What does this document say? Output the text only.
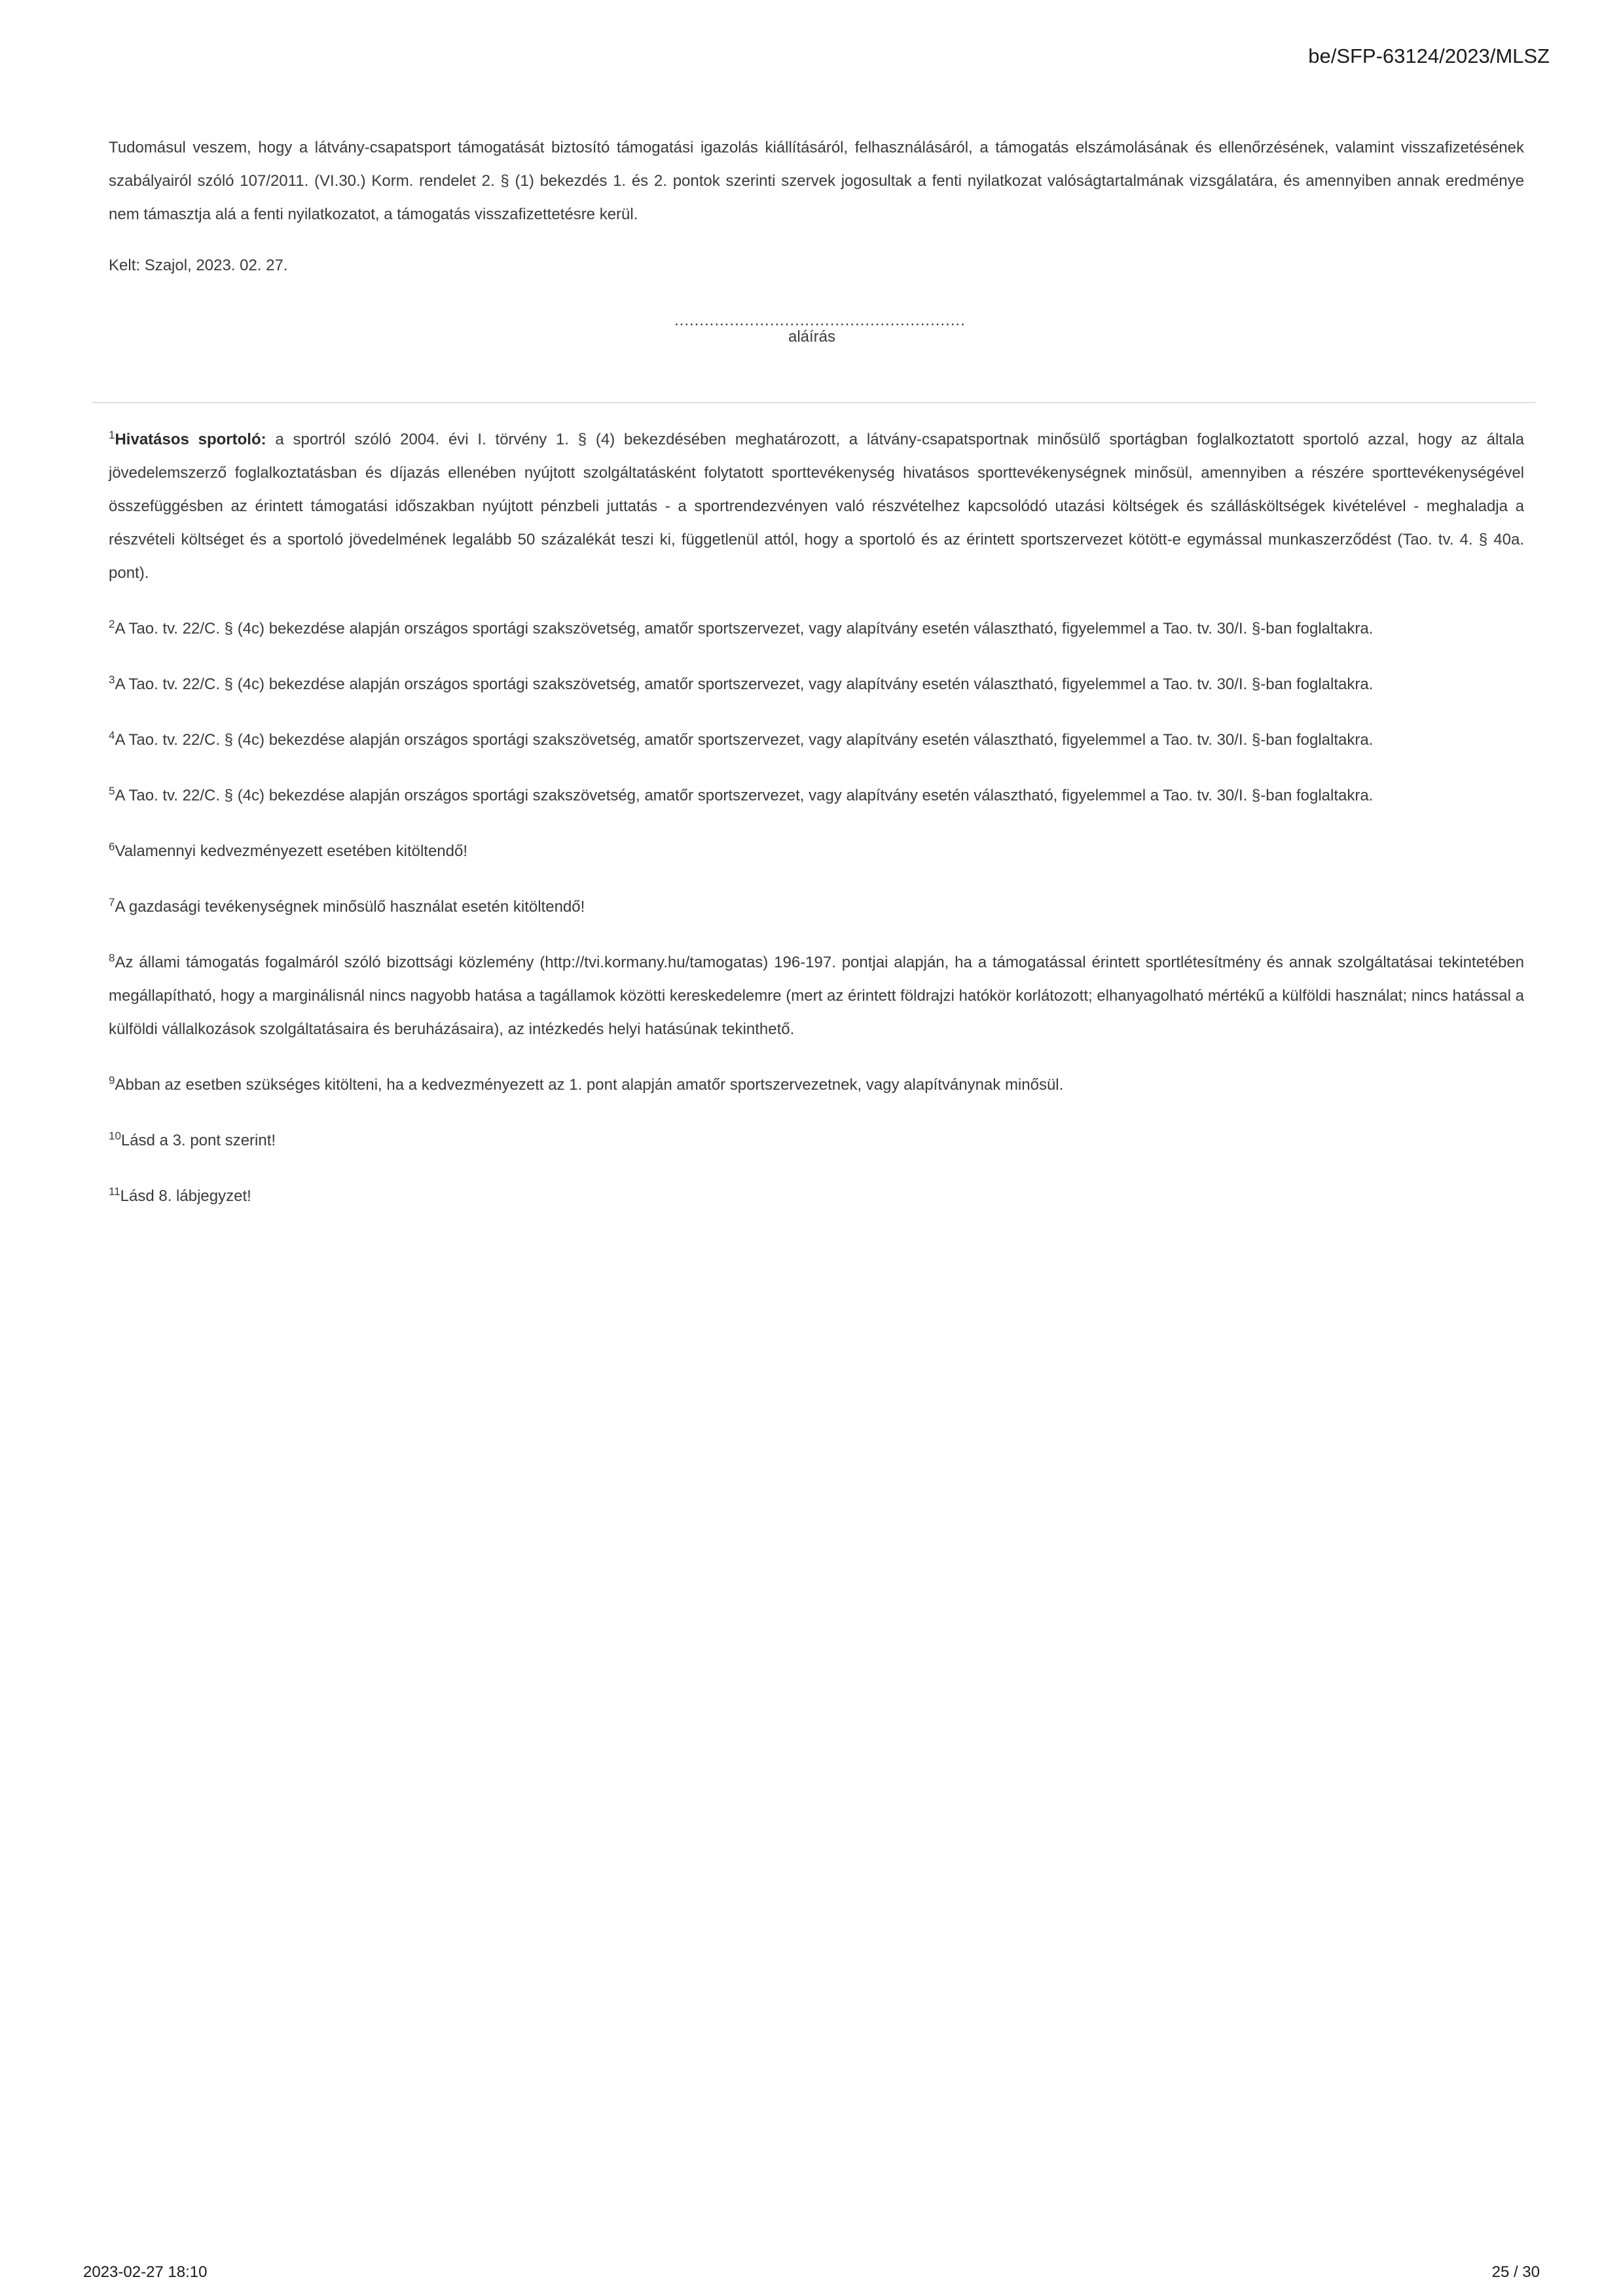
be/SFP-63124/2023/MLSZ

Tudomásul veszem, hogy a látvány-csapatsport támogatását biztosító támogatási igazolás kiállításáról, felhasználásáról, a támogatás elszámolásának és ellenőrzésének, valamint visszafizetésének szabályairól szóló 107/2011. (VI.30.) Korm. rendelet 2. § (1) bekezdés 1. és 2. pontok szerinti szervek jogosultak a fenti nyilatkozat valóságtartalmának vizsgálatára, és amennyiben annak eredménye nem támasztja alá a fenti nyilatkozatot, a támogatás visszafizettetésre kerül.

Kelt: Szajol, 2023. 02. 27.

..........................................................
aláírás

$^1$Hivatásos sportoló: a sportról szóló 2004. évi I. törvény 1. § (4) bekezdésében meghatározott, a látvány-csapatsportnak minősülő sportágban foglalkoztatott sportoló azzal, hogy az általa jövedelemszerző foglalkoztatásban és díjazás ellenében nyújtott szolgáltatásként folytatott sporttevékenység hivatásos sporttevékenységnek minősül, amennyiben a részére sporttevékenységével összefüggésben az érintett támogatási időszakban nyújtott pénzbeli juttatás - a sportrendezvényen való részvételhez kapcsolódó utazási költségek és szállásköltségek kivételével - meghaladja a részvételi költséget és a sportoló jövedelmének legalább 50 százalékát teszi ki, függetlenül attól, hogy a sportoló és az érintett sportszervezet kötött-e egymással munkaszerződést (Tao. tv. 4. § 40a. pont).

$^2$A Tao. tv. 22/C. § (4c) bekezdése alapján országos sportági szakszövetség, amatőr sportszervezet, vagy alapítvány esetén választható, figyelemmel a Tao. tv. 30/I. §-ban foglaltakra.

$^3$A Tao. tv. 22/C. § (4c) bekezdése alapján országos sportági szakszövetség, amatőr sportszervezet, vagy alapítvány esetén választható, figyelemmel a Tao. tv. 30/I. §-ban foglaltakra.

$^4$A Tao. tv. 22/C. § (4c) bekezdése alapján országos sportági szakszövetség, amatőr sportszervezet, vagy alapítvány esetén választható, figyelemmel a Tao. tv. 30/I. §-ban foglaltakra.

$^5$A Tao. tv. 22/C. § (4c) bekezdése alapján országos sportági szakszövetség, amatőr sportszervezet, vagy alapítvány esetén választható, figyelemmel a Tao. tv. 30/I. §-ban foglaltakra.

$^6$Valamennyi kedvezményezett esetében kitöltendő!

$^7$A gazdasági tevékenységnek minősülő használat esetén kitöltendő!

$^8$Az állami támogatás fogalmáról szóló bizottsági közlemény (http://tvi.kormany.hu/tamogatas) 196-197. pontjai alapján, ha a támogatással érintett sportlétesítmény és annak szolgáltatásai tekintetében megállapítható, hogy a marginálisnál nincs nagyobb hatása a tagállamok közötti kereskedelemre (mert az érintett földrajzi hatókör korlátozott; elhanyagolható mértékű a külföldi használat; nincs hatással a külföldi vállalkozások szolgáltatásaira és beruházásaira), az intézkedés helyi hatásúnak tekinthető.

$^9$Abban az esetben szükséges kitölteni, ha a kedvezményezett az 1. pont alapján amatőr sportszervezetnek, vagy alapítványnak minősül.

$^{10}$Lásd a 3. pont szerint!

$^{11}$Lásd 8. lábjegyzet!

2023-02-27 18:10	25 / 30
